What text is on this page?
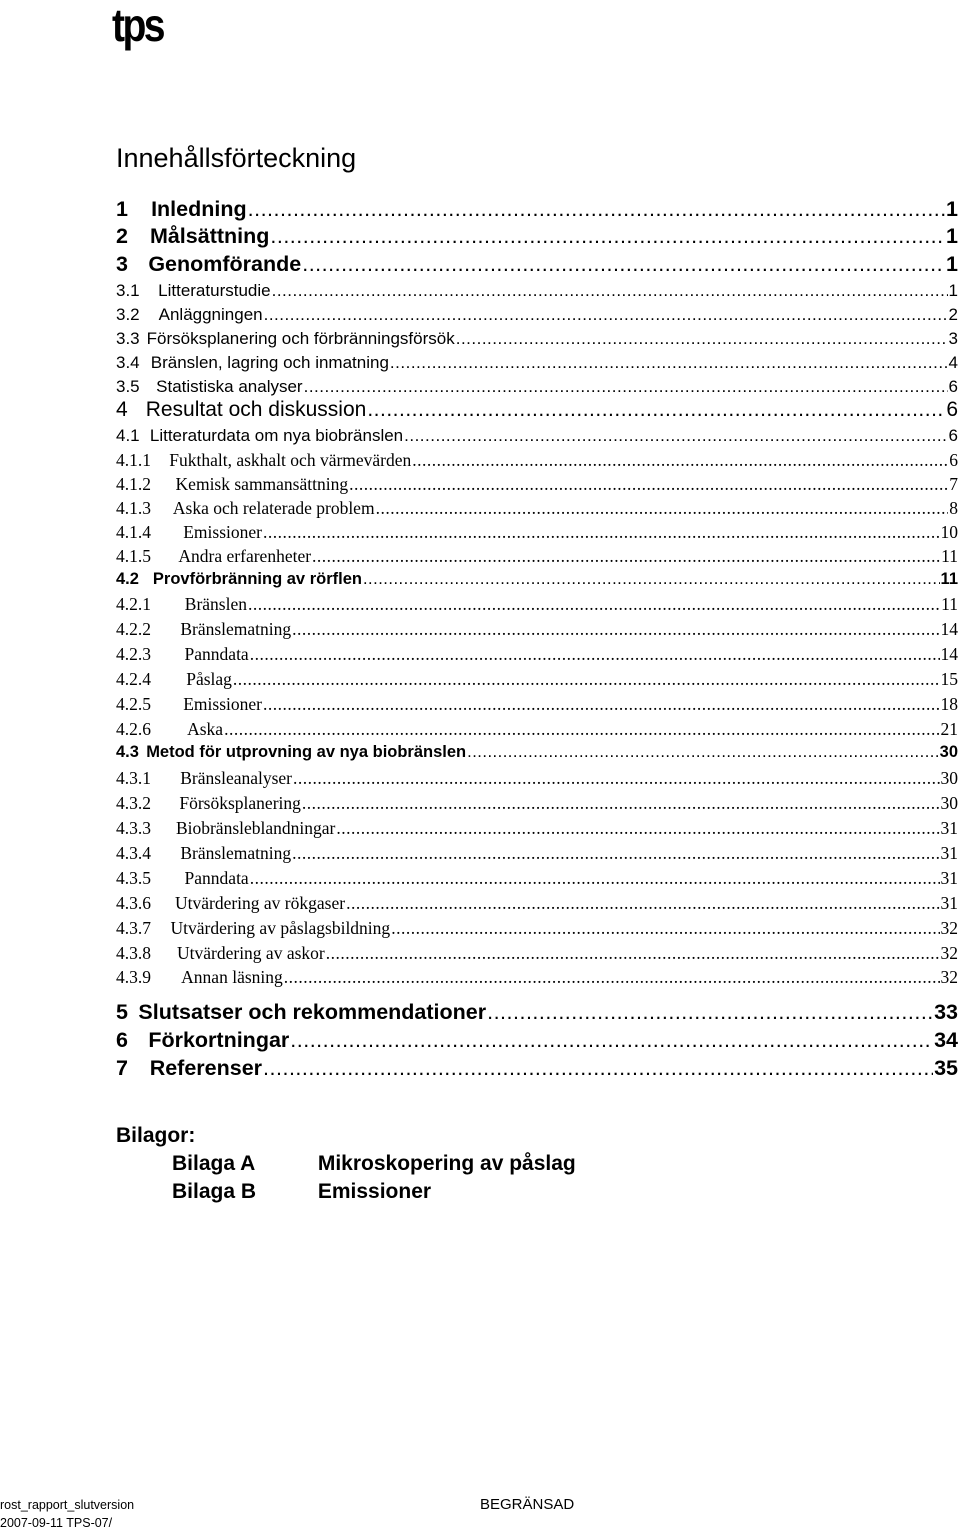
tps
Innehållsförteckning
1	Inledning .....	1
2	Målsättning .....	1
3 Genomförande .....	1
3.1	Litteraturstudie .....	1
3.2	Anläggningen .....	2
3.3 Försöksplanering och förbränningsförsök .....	3
3.4 Bränslen, lagring och inmatning .....	4
3.5 Statistiska analyser .....	6
4 Resultat och diskussion .....	6
4.1 Litteraturdata om nya biobränslen .....	6
4.1.1	Fukthalt, askhalt och värmevärden .....	6
4.1.2	Kemisk sammansättning .....	7
4.1.3	Aska och relaterade problem .....	8
4.1.4	Emissioner .....	10
4.1.5	Andra erfarenheter .....	11
4.2 Provförbränning av rörflen .....	11
4.2.1	Bränslen .....	11
4.2.2	Bränslematning .....	14
4.2.3	Panndata .....	14
4.2.4	Påslag .....	15
4.2.5	Emissioner .....	18
4.2.6	Aska .....	21
4.3 Metod för utprovning av nya biobränslen .....	30
4.3.1	Bränsleanalyser .....	30
4.3.2	Försöksplanering .....	30
4.3.3	Biobränsleblandningar .....	31
4.3.4	Bränslematning .....	31
4.3.5	Panndata .....	31
4.3.6	Utvärdering av rökgaser .....	31
4.3.7	Utvärdering av påslagsbildning .....	32
4.3.8	Utvärdering av askor .....	32
4.3.9	Annan läsning .....	32
5 Slutsatser och rekommendationer .....	33
6 Förkortningar .....	34
7	Referenser .....	35
Bilagor:
Bilaga A	Mikroskopering av påslag
Bilaga B	Emissioner
rost_rapport_slutversion
2007-09-11 TPS-07/
BEGRÄNSAD
